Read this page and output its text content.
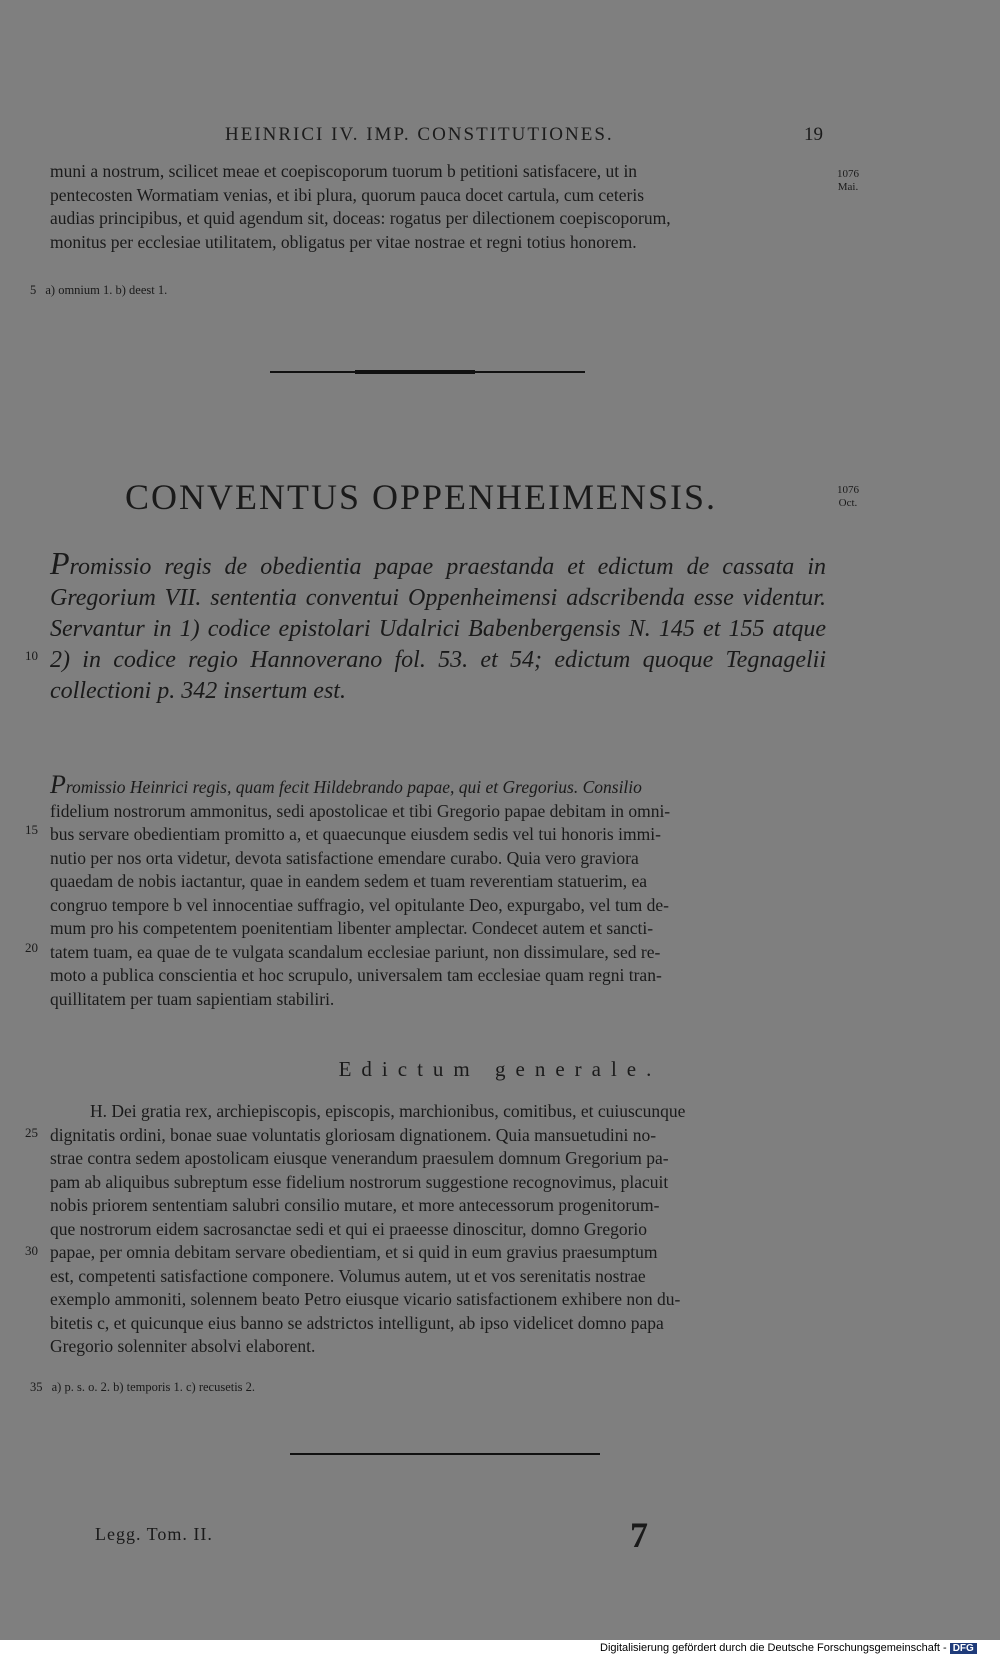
HEINRICI IV. IMP. CONSTITUTIONES.	19
1076
Mai.
muni a nostrum, scilicet meae et coepiscoporum tuorum b petitioni satisfacere, ut in
pentecosten Wormatiam venias, et ibi plura, quorum pauca docet cartula, cum ceteris
audias principibus, et quid agendum sit, doceas: rogatus per dilectionem coepiscoporum,
monitus per ecclesiae utilitatem, obligatus per vitae nostrae et regni totius honorem.
5 a) omnium 1. b) deest 1.
CONVENTUS OPPENHEIMENSIS.	1076
Oct.
Promissio regis de obedientia papae praestanda et edictum de cassata in Gregorium VII. sententia conventui Oppenheimensi adscribenda esse videntur. Servantur in 1) codice epistolari Udalrici Babenbergensis N. 145 et 155 atque 2) in codice regio Hannoverano fol. 53. et 54; edictum quoque Tegnagelii collectioni p. 342 insertum est.
10
Promissio Heinrici regis, quam fecit Hildebrando papae, qui et Gregorius. Consilio
fidelium nostrorum ammonitus, sedi apostolicae et tibi Gregorio papae debitam in omni-
bus servare obedientiam promitto a, et quaecunque eiusdem sedis vel tui honoris immi-
nutio per nos orta videtur, devota satisfactione emendare curabo. Quia vero graviora
quaedam de nobis iactantur, quae in eandem sedem et tuam reverentiam statuerim, ea
congruo tempore b vel innocentiae suffragio, vel opitulante Deo, expurgabo, vel tum de-
mum pro his competentem poenitentiam libenter amplectar. Condecet autem et sancti-
tatem tuam, ea quae de te vulgata scandalum ecclesiae pariunt, non dissimulare, sed re-
moto a publica conscientia et hoc scrupulo, universalem tam ecclesiae quam regni tran-
quillitatem per tuam sapientiam stabiliri.
15
20
Edictum generale.
H. Dei gratia rex, archiepiscopis, episcopis, marchionibus, comitibus, et cuiuscunque
dignitatis ordini, bonae suae voluntatis gloriosam dignationem. Quia mansuetudini no-
strae contra sedem apostolicam eiusque venerandum praesulem domnum Gregorium pa-
pam ab aliquibus subreptum esse fidelium nostrorum suggestione recognovimus, placuit
nobis priorem sententiam salubri consilio mutare, et more antecessorum progenitorum-
que nostrorum eidem sacrosanctae sedi et qui ei praeesse dinoscitur, domno Gregorio
papae, per omnia debitam servare obedientiam, et si quid in eum gravius praesumptum
est, competenti satisfactione componere. Volumus autem, ut et vos serenitatis nostrae
exemplo ammoniti, solennem beato Petro eiusque vicario satisfactionem exhibere non du-
bitetis c, et quicunque eius banno se adstrictos intelligunt, ab ipso videlicet domno papa
Gregorio solenniter absolvi elaborent.
25
30
35 a) p. s. o. 2. b) temporis 1. c) recusetis 2.
Legg. Tom. II.	7
Digitalisierung gefördert durch die Deutsche Forschungsgemeinschaft - DFG
